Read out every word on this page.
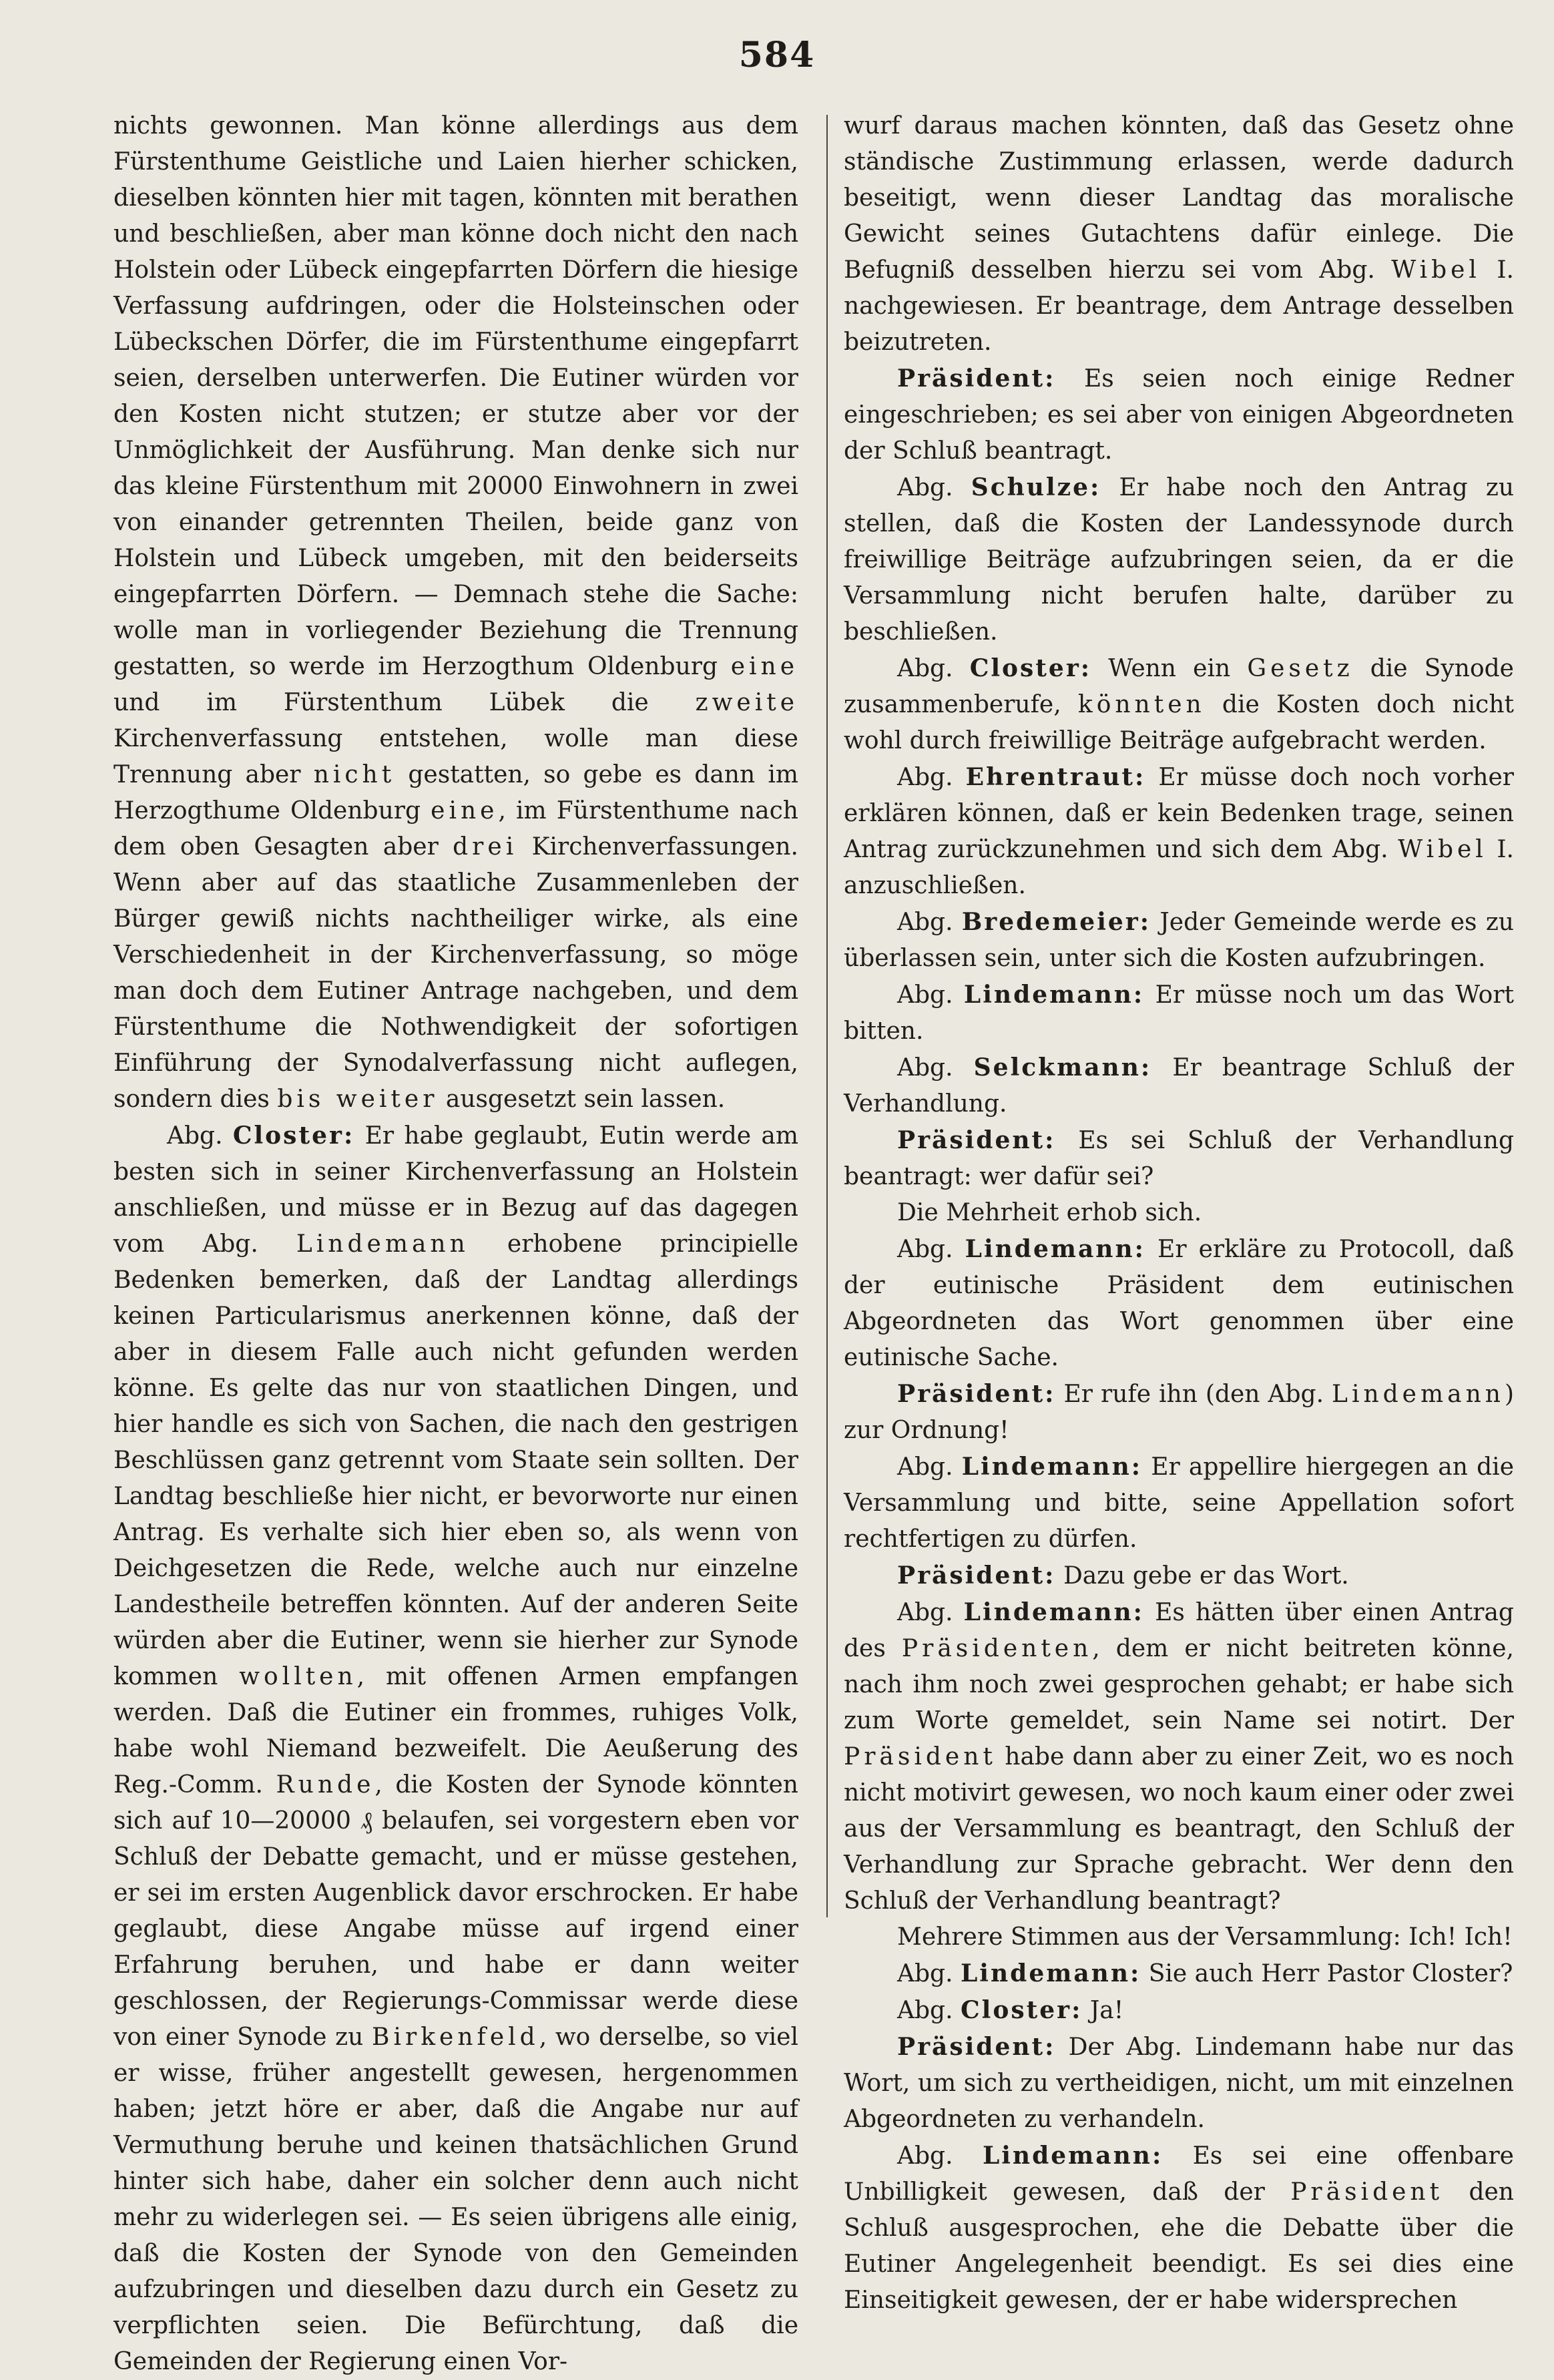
584

nichts gewonnen. Man könne allerdings aus dem Fürstenthume Geistliche und Laien hierher schicken, dieselben könnten hier mit tagen, könnten mit berathen und beschließen, aber man könne doch nicht den nach Holstein oder Lübeck eingepfarrten Dörfern die hiesige Verfassung aufdringen, oder die Holsteinschen oder Lübeckschen Dörfer, die im Fürstenthume eingepfarrt seien, derselben unterwerfen. Die Eutiner würden vor den Kosten nicht stutzen; er stutze aber vor der Unmöglichkeit der Ausführung. Man denke sich nur das kleine Fürstenthum mit 20000 Einwohnern in zwei von einander getrennten Theilen, beide ganz von Holstein und Lübeck umgeben, mit den beiderseits eingepfarrten Dörfern. — Demnach stehe die Sache: wolle man in vorliegender Beziehung die Trennung gestatten, so werde im Herzogthum Oldenburg eine und im Fürstenthum Lübek die zweite Kirchenverfassung entstehen, wolle man diese Trennung aber nicht gestatten, so gebe es dann im Herzogthume Oldenburg eine, im Fürstenthume nach dem oben Gesagten aber drei Kirchenverfassungen. Wenn aber auf das staatliche Zusammenleben der Bürger gewiß nichts nachtheiliger wirke, als eine Verschiedenheit in der Kirchenverfassung, so möge man doch dem Eutiner Antrage nachgeben, und dem Fürstenthume die Nothwendigkeit der sofortigen Einführung der Synodalverfassung nicht auflegen, sondern dies bis weiter ausgesetzt sein lassen.

Abg. Closter: Er habe geglaubt, Eutin werde am besten sich in seiner Kirchenverfassung an Holstein anschließen, und müsse er in Bezug auf das dagegen vom Abg. Lindemann erhobene principielle Bedenken bemerken, daß der Landtag allerdings keinen Particularismus anerkennen könne, daß der aber in diesem Falle auch nicht gefunden werden könne. Es gelte das nur von staatlichen Dingen, und hier handle es sich von Sachen, die nach den gestrigen Beschlüssen ganz getrennt vom Staate sein sollten. Der Landtag beschließe hier nicht, er bevorworte nur einen Antrag. Es verhalte sich hier eben so, als wenn von Deichgesetzen die Rede, welche auch nur einzelne Landestheile betreffen könnten. Auf der anderen Seite würden aber die Eutiner, wenn sie hierher zur Synode kommen wollten, mit offenen Armen empfangen werden. Daß die Eutiner ein frommes, ruhiges Volk, habe wohl Niemand bezweifelt. Die Aeußerung des Reg.-Comm. Runde, die Kosten der Synode könnten sich auf 10—20000 ₰ belaufen, sei vorgestern eben vor Schluß der Debatte gemacht, und er müsse gestehen, er sei im ersten Augenblick davor erschrocken. Er habe geglaubt, diese Angabe müsse auf irgend einer Erfahrung beruhen, und habe er dann weiter geschlossen, der Regierungs-Commissar werde diese von einer Synode zu Birkenfeld, wo derselbe, so viel er wisse, früher angestellt gewesen, hergenommen haben; jetzt höre er aber, daß die Angabe nur auf Vermuthung beruhe und keinen thatsächlichen Grund hinter sich habe, daher ein solcher denn auch nicht mehr zu widerlegen sei. — Es seien übrigens alle einig, daß die Kosten der Synode von den Gemeinden aufzubringen und dieselben dazu durch ein Gesetz zu verpflichten seien. Die Befürchtung, daß die Gemeinden der Regierung einen Vor-

wurf daraus machen könnten, daß das Gesetz ohne ständische Zustimmung erlassen, werde dadurch beseitigt, wenn dieser Landtag das moralische Gewicht seines Gutachtens dafür einlege. Die Befugniß desselben hierzu sei vom Abg. Wibel I. nachgewiesen. Er beantrage, dem Antrage desselben beizutreten.

Präsident: Es seien noch einige Redner eingeschrieben; es sei aber von einigen Abgeordneten der Schluß beantragt.

Abg. Schulze: Er habe noch den Antrag zu stellen, daß die Kosten der Landessynode durch freiwillige Beiträge aufzubringen seien, da er die Versammlung nicht berufen halte, darüber zu beschließen.

Abg. Closter: Wenn ein Gesetz die Synode zusammenberufe, könnten die Kosten doch nicht wohl durch freiwillige Beiträge aufgebracht werden.

Abg. Ehrentraut: Er müsse doch noch vorher erklären können, daß er kein Bedenken trage, seinen Antrag zurückzunehmen und sich dem Abg. Wibel I. anzuschließen.

Abg. Bredemeier: Jeder Gemeinde werde es zu überlassen sein, unter sich die Kosten aufzubringen.

Abg. Lindemann: Er müsse noch um das Wort bitten.

Abg. Selckmann: Er beantrage Schluß der Verhandlung.

Präsident: Es sei Schluß der Verhandlung beantragt: wer dafür sei?

Die Mehrheit erhob sich.

Abg. Lindemann: Er erkläre zu Protocoll, daß der eutinische Präsident dem eutinischen Abgeordneten das Wort genommen über eine eutinische Sache.

Präsident: Er rufe ihn (den Abg. Lindemann) zur Ordnung!

Abg. Lindemann: Er appellire hiergegen an die Versammlung und bitte, seine Appellation sofort rechtfertigen zu dürfen.

Präsident: Dazu gebe er das Wort.

Abg. Lindemann: Es hätten über einen Antrag des Präsidenten, dem er nicht beitreten könne, nach ihm noch zwei gesprochen gehabt; er habe sich zum Worte gemeldet, sein Name sei notirt. Der Präsident habe dann aber zu einer Zeit, wo es noch nicht motivirt gewesen, wo noch kaum einer oder zwei aus der Versammlung es beantragt, den Schluß der Verhandlung zur Sprache gebracht. Wer denn den Schluß der Verhandlung beantragt?

Mehrere Stimmen aus der Versammlung: Ich! Ich!

Abg. Lindemann: Sie auch Herr Pastor Closter?

Abg. Closter: Ja!

Präsident: Der Abg. Lindemann habe nur das Wort, um sich zu vertheidigen, nicht, um mit einzelnen Abgeordneten zu verhandeln.

Abg. Lindemann: Es sei eine offenbare Unbilligkeit gewesen, daß der Präsident den Schluß ausgesprochen, ehe die Debatte über die Eutiner Angelegenheit beendigt. Es sei dies eine Einseitigkeit gewesen, der er habe widersprechen
